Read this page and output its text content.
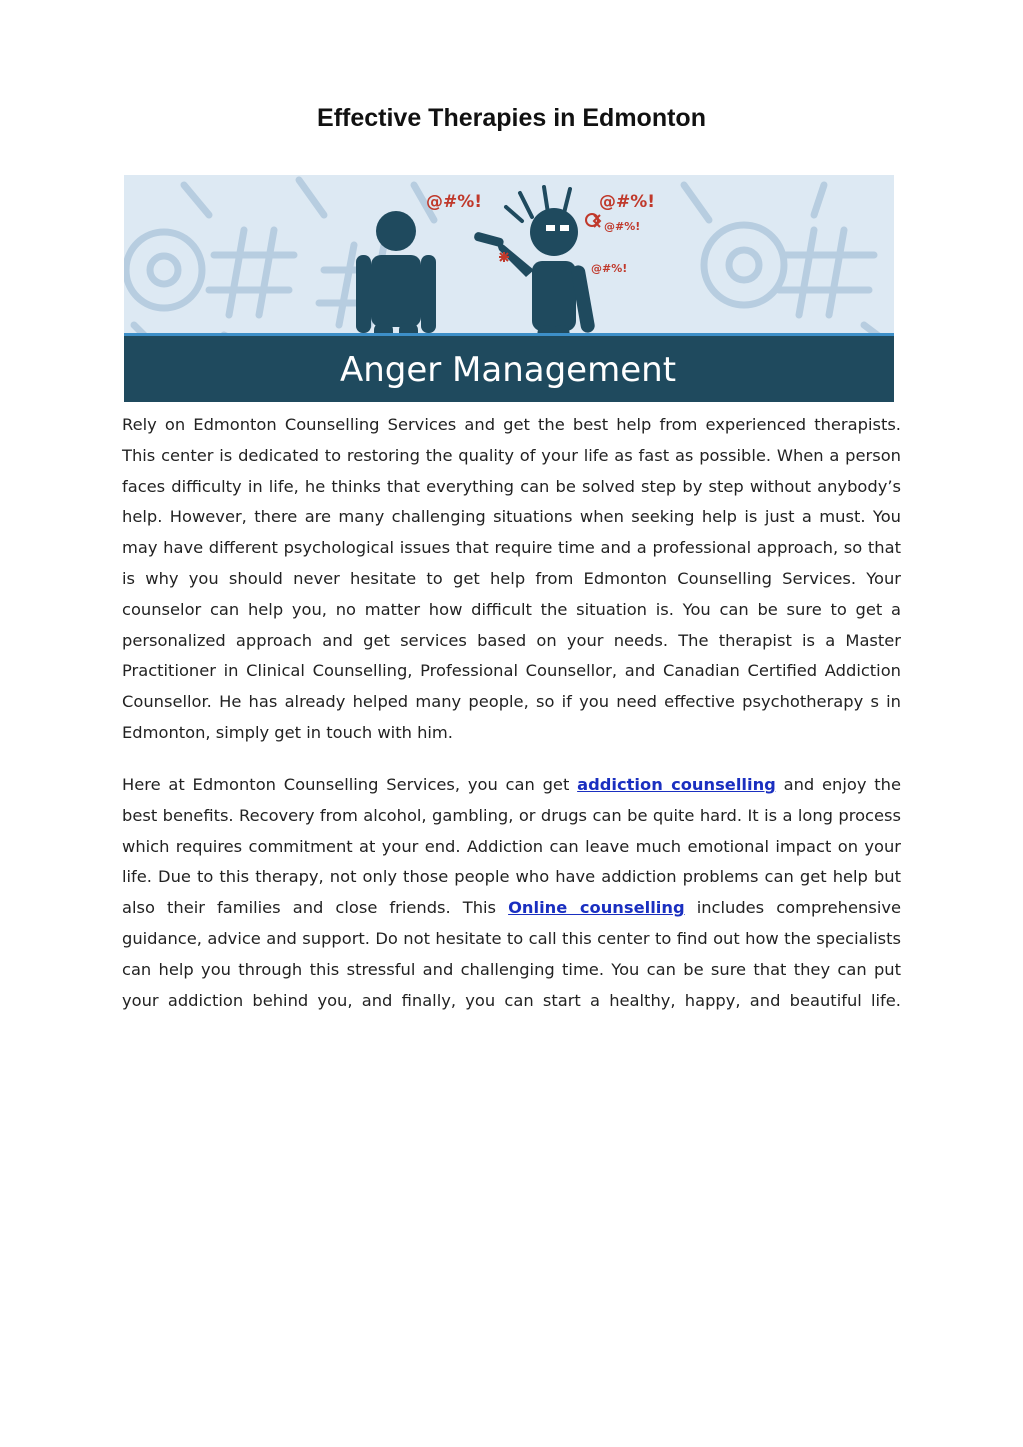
Effective Therapies in Edmonton
@#%!	@#%!
@#%!
@#%!
Anger Management

Rely on Edmonton Counselling Services and get the best help from experienced therapists. This center is dedicated to restoring the quality of your life as fast as possible. When a person faces difficulty in life, he thinks that everything can be solved step by step without anybody’s help. However, there are many challenging situations when seeking help is just a must. You may have different psychological issues that require time and a professional approach, so that is why you should never hesitate to get help from Edmonton Counselling Services. Your counselor can help you, no matter how difficult the situation is. You can be sure to get a personalized approach and get services based on your needs. The therapist is a Master Practitioner in Clinical Counselling, Professional Counsellor, and Canadian Certified Addiction Counsellor. He has already helped many people, so if you need effective psychotherapy s in Edmonton, simply get in touch with him.

Here at Edmonton Counselling Services, you can get addiction counselling and enjoy the best benefits. Recovery from alcohol, gambling, or drugs can be quite hard. It is a long process which requires commitment at your end. Addiction can leave much emotional impact on your life. Due to this therapy, not only those people who have addiction problems can get help but also their families and close friends. This Online counselling includes comprehensive guidance, advice and support. Do not hesitate to call this center to find out how the specialists can help you through this stressful and challenging time. You can be sure that they can put your addiction behind you, and finally, you can start a healthy, happy, and beautiful life.
